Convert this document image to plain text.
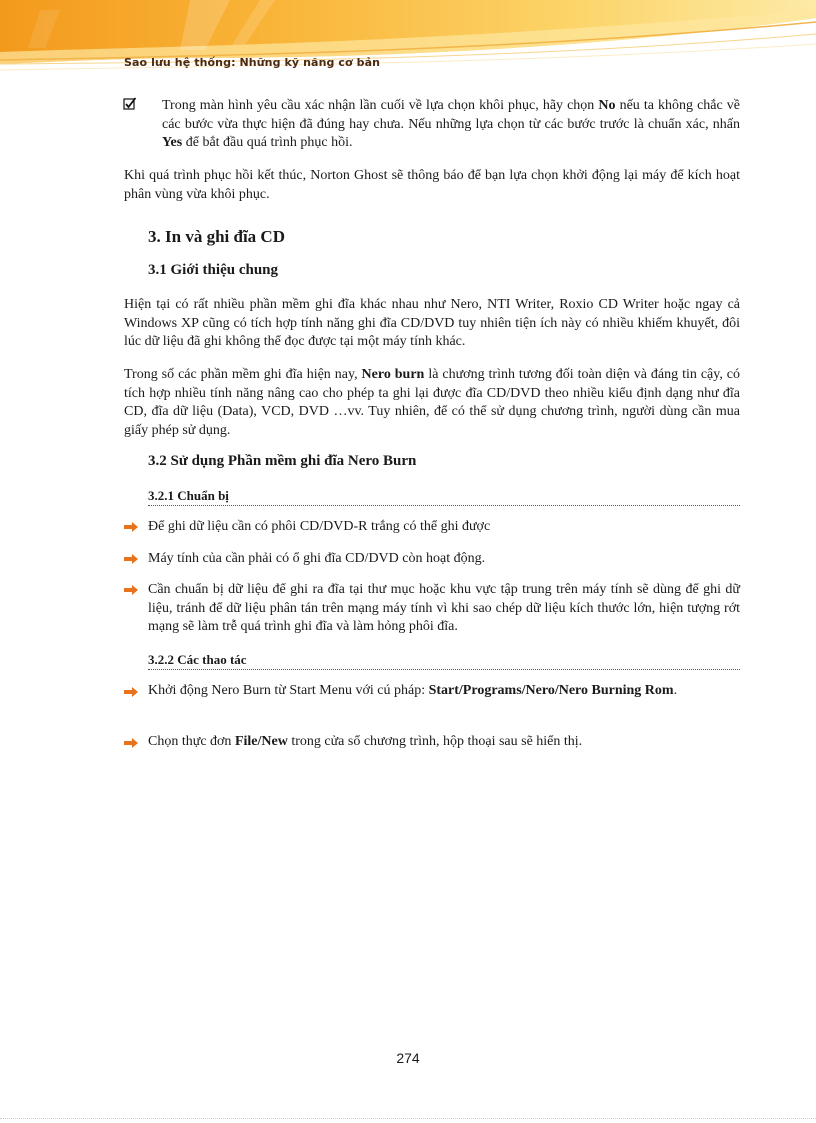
Sao lưu hệ thống: Những kỹ năng cơ bản
Trong màn hình yêu cầu xác nhận lần cuối về lựa chọn khôi phục, hãy chọn No nếu ta không chắc về các bước vừa thực hiện đã đúng hay chưa. Nếu những lựa chọn từ các bước trước là chuẩn xác, nhấn Yes để bắt đầu quá trình phục hồi.
Khi quá trình phục hồi kết thúc, Norton Ghost sẽ thông báo để bạn lựa chọn khởi động lại máy để kích hoạt phân vùng vừa khôi phục.
3. In và ghi đĩa CD
3.1 Giới thiệu chung
Hiện tại có rất nhiều phần mềm ghi đĩa khác nhau như Nero, NTI Writer, Roxio CD Writer hoặc ngay cả Windows XP cũng có tích hợp tính năng ghi đĩa CD/DVD tuy nhiên tiện ích này có nhiều khiếm khuyết, đôi lúc dữ liệu đã ghi không thể đọc được tại một máy tính khác.
Trong số các phần mềm ghi đĩa hiện nay, Nero burn là chương trình tương đối toàn diện và đáng tin cậy, có tích hợp nhiều tính năng nâng cao cho phép ta ghi lại được đĩa CD/DVD theo nhiều kiểu định dạng như đĩa CD, đĩa dữ liệu (Data), VCD, DVD …vv. Tuy nhiên, để có thể sử dụng chương trình, người dùng cần mua giấy phép sử dụng.
3.2 Sử dụng Phần mềm ghi đĩa Nero Burn
3.2.1 Chuẩn bị
Để ghi dữ liệu cần có phôi CD/DVD-R trắng có thể ghi được
Máy tính của cần phải có ổ ghi đĩa CD/DVD còn hoạt động.
Cần chuẩn bị dữ liệu để ghi ra đĩa tại thư mục hoặc khu vực tập trung trên máy tính sẽ dùng để ghi dữ liệu, tránh để dữ liệu phân tán trên mạng máy tính vì khi sao chép dữ liệu kích thước lớn, hiện tượng rớt mạng sẽ làm trễ quá trình ghi đĩa và làm hỏng phôi đĩa.
3.2.2 Các thao tác
Khởi động Nero Burn từ Start Menu với cú pháp: Start/Programs/Nero/Nero Burning Rom.
Chọn thực đơn File/New trong cửa sổ chương trình, hộp thoại sau sẽ hiển thị.
274
